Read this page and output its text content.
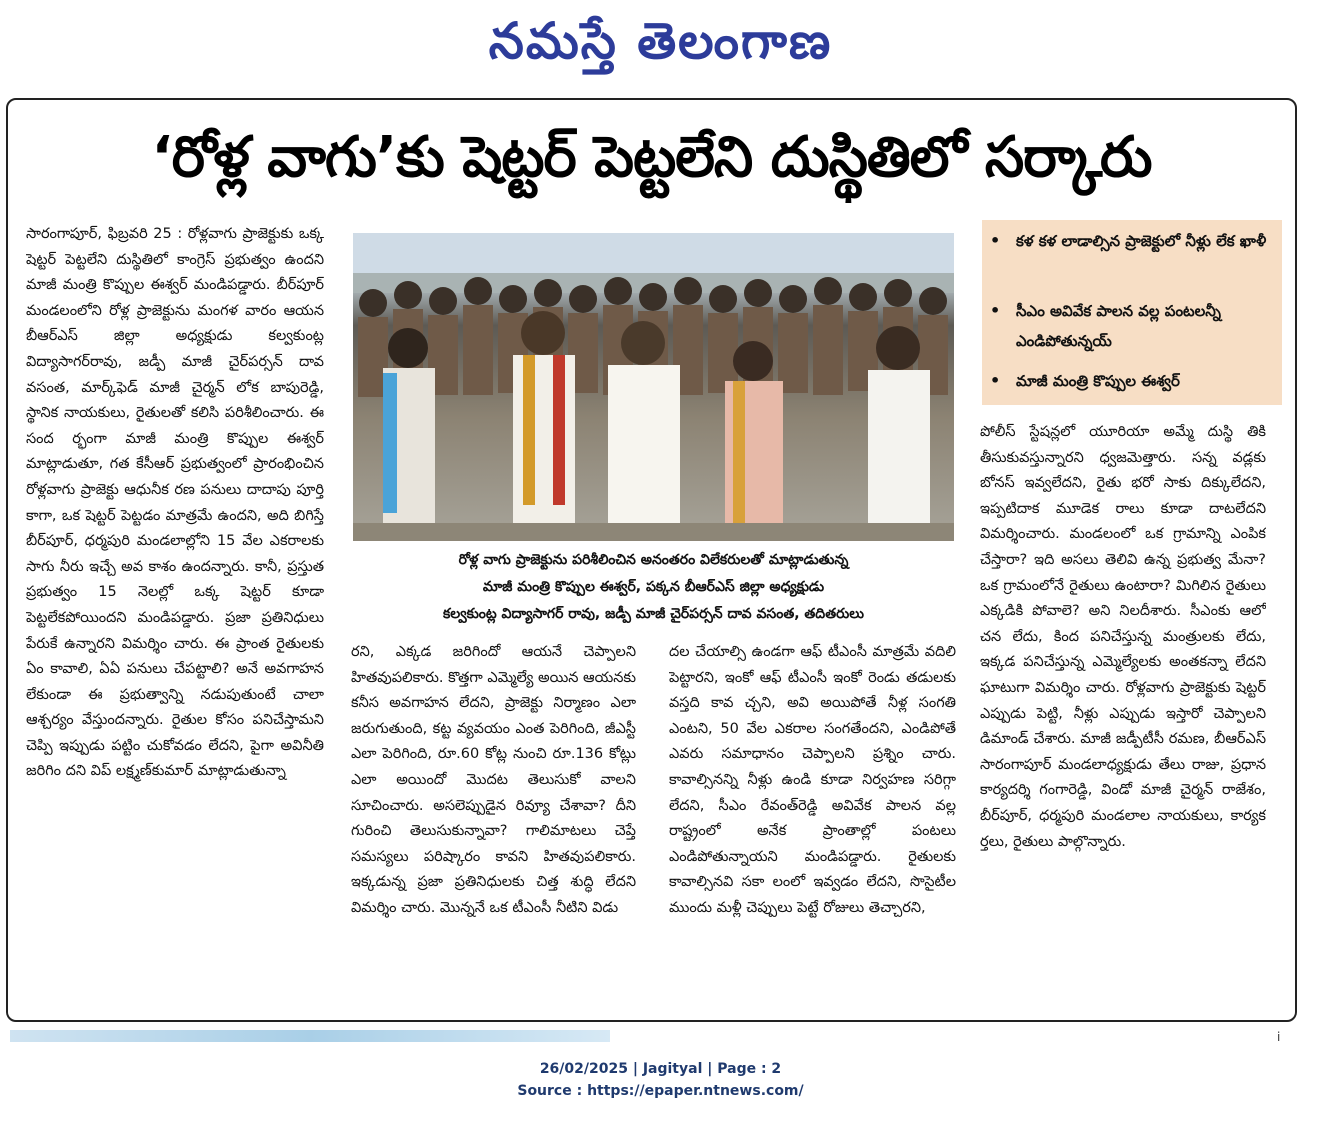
నమస్తే తెలంగాణ
‘రోళ్ల వాగు’కు షెట్టర్ పెట్టలేని దుస్థితిలో సర్కారు
సారంగాపూర్, ఫిబ్రవరి 25 : రోళ్లవాగు ప్రాజెక్టుకు ఒక్క షెట్టర్ పెట్టలేని దుస్థితిలో కాంగ్రెస్ ప్రభుత్వం ఉందని మాజీ మంత్రి కొప్పుల ఈశ్వర్ మండిపడ్డారు. బీర్‌పూర్ మండలంలోని రోళ్ల ప్రాజెక్టును మంగళ వారం ఆయన బీఆర్‌ఎస్ జిల్లా అధ్యక్షుడు కల్వకుంట్ల విద్యాసాగర్‌రావు, జడ్పీ మాజీ చైర్‌పర్సన్ దావ వసంత, మార్క్‌ఫెడ్ మాజీ చైర్మన్ లోక బాపురెడ్డి, స్థానిక నాయకులు, రైతులతో కలిసి పరిశీలించారు. ఈ సంద ర్భంగా మాజీ మంత్రి కొప్పుల ఈశ్వర్ మాట్లాడుతూ, గత కేసీఆర్ ప్రభుత్వంలో ప్రారంభించిన రోళ్లవాగు ప్రాజెక్టు ఆధునీక రణ పనులు దాదాపు పూర్తి కాగా, ఒక షెట్టర్ పెట్టడం మాత్రమే ఉందని, అది బిగిస్తే బీర్‌పూర్, ధర్మపురి మండలాల్లోని 15 వేల ఎకరాలకు సాగు నీరు ఇచ్చే అవ కాశం ఉందన్నారు. కానీ, ప్రస్తుత ప్రభుత్వం 15 నెలల్లో ఒక్క షెట్టర్ కూడా పెట్టలేకపోయిందని మండిపడ్డారు. ప్రజా ప్రతినిధులు పేరుకే ఉన్నారని విమర్శిం చారు. ఈ ప్రాంత రైతులకు ఏం కావాలి, ఏఏ పనులు చేపట్టాలి? అనే అవగాహన లేకుండా ఈ ప్రభుత్వాన్ని నడుపుతుంటే చాలా ఆశ్చర్యం వేస్తుందన్నారు. రైతుల కోసం పనిచేస్తామని చెప్పి ఇప్పుడు పట్టిం చుకోవడం లేదని, పైగా అవినీతి జరిగిం దని విప్ లక్ష్మణ్‌కుమార్ మాట్లాడుతున్నా
రోళ్ల వాగు ప్రాజెక్టును పరిశీలించిన అనంతరం విలేకరులతో మాట్లాడుతున్న
మాజీ మంత్రి కొప్పుల ఈశ్వర్, పక్కన బీఆర్‌ఎస్ జిల్లా అధ్యక్షుడు
కల్వకుంట్ల విద్యాసాగర్ రావు, జడ్పీ మాజీ చైర్‌పర్సన్ దావ వసంత, తదితరులు
రని, ఎక్కడ జరిగిందో ఆయనే చెప్పాలని హితవుపలికారు. కొత్తగా ఎమ్మెల్యే అయిన ఆయనకు కనీస అవగాహన లేదని, ప్రాజెక్టు నిర్మాణం ఎలా జరుగుతుంది, కట్ట వ్యవయం ఎంత పెరిగింది, జీఎస్టీ ఎలా పెరిగింది, రూ.60 కోట్ల నుంచి రూ.136 కోట్లు ఎలా అయిందో మొదట తెలుసుకో వాలని సూచించారు. అసలెప్పుడైన రివ్యూ చేశావా? దీని గురించి తెలుసుకున్నావా? గాలిమాటలు చెప్తే సమస్యలు పరిష్కారం కావని హితవుపలికారు. ఇక్కడున్న ప్రజా ప్రతినిధులకు చిత్త శుద్ధి లేదని విమర్శిం చారు. మొన్ననే ఒక టీఎంసీ నీటిని విడు
దల చేయాల్సి ఉండగా ఆఫ్ టీఎంసీ మాత్రమే వదిలి పెట్టారని, ఇంకో ఆఫ్ టీఎంసీ ఇంకో రెండు తడులకు వస్తది కావ చ్చని, అవి అయిపోతే నీళ్ల సంగతి ఎంటని, 50 వేల ఎకరాల సంగతేందని, ఎండిపోతే ఎవరు సమాధానం చెప్పాలని ప్రశ్నిం చారు. కావాల్సినన్ని నీళ్లు ఉండి కూడా నిర్వహణ సరిగ్గా లేదని, సీఎం రేవంత్‌రెడ్డి అవివేక పాలన వల్ల రాష్ట్రంలో అనేక ప్రాంతాల్లో పంటలు ఎండిపోతున్నాయని మండిపడ్డారు. రైతులకు కావాల్సినవి సకా లంలో ఇవ్వడం లేదని, సొసైటీల ముందు మళ్లీ చెప్పులు పెట్టే రోజులు తెచ్చారని,
• కళ కళ లాడాల్సిన ప్రాజెక్టులో నీళ్లు లేక ఖాళీ
• సీఎం అవివేక పాలన వల్ల పంటలన్నీ ఎండిపోతున్నయ్
• మాజీ మంత్రి కొప్పుల ఈశ్వర్
పోలీస్ స్టేషన్లలో యూరియా అమ్మే దుస్థి తికి తీసుకువస్తున్నారని ధ్వజమెత్తారు. సన్న వడ్లకు బోనస్ ఇవ్వలేదని, రైతు భరో సాకు దిక్కులేదని, ఇప్పటిదాక మూడెక రాలు కూడా దాటలేదని విమర్శించారు. మండలంలో ఒక గ్రామాన్ని ఎంపిక చేస్తారా? ఇది అసలు తెలివి ఉన్న ప్రభుత్వ మేనా? ఒక గ్రామంలోనే రైతులు ఉంటారా? మిగిలిన రైతులు ఎక్కడికి పోవాలె? అని నిలదీశారు. సీఎంకు ఆలో చన లేదు, కింద పనిచేస్తున్న మంత్రులకు లేదు, ఇక్కడ పనిచేస్తున్న ఎమ్మెల్యేలకు అంతకన్నా లేదని ఘాటుగా విమర్శిం చారు. రోళ్లవాగు ప్రాజెక్టుకు షెట్టర్ ఎప్పుడు పెట్టి, నీళ్లు ఎప్పుడు ఇస్తారో చెప్పాలని డిమాండ్ చేశారు. మాజీ జడ్పీటీసీ రమణ, బీఆర్‌ఎస్ సారంగాపూర్ మండలాధ్యక్షుడు తేలు రాజు, ప్రధాన కార్యదర్శి గంగారెడ్డి, విండో మాజీ చైర్మన్ రాజేశం, బీర్‌పూర్, ధర్మపురి మండలాల నాయకులు, కార్యక ర్తలు, రైతులు పాల్గొన్నారు.
i
26/02/2025 | Jagityal | Page : 2
Source : https://epaper.ntnews.com/
